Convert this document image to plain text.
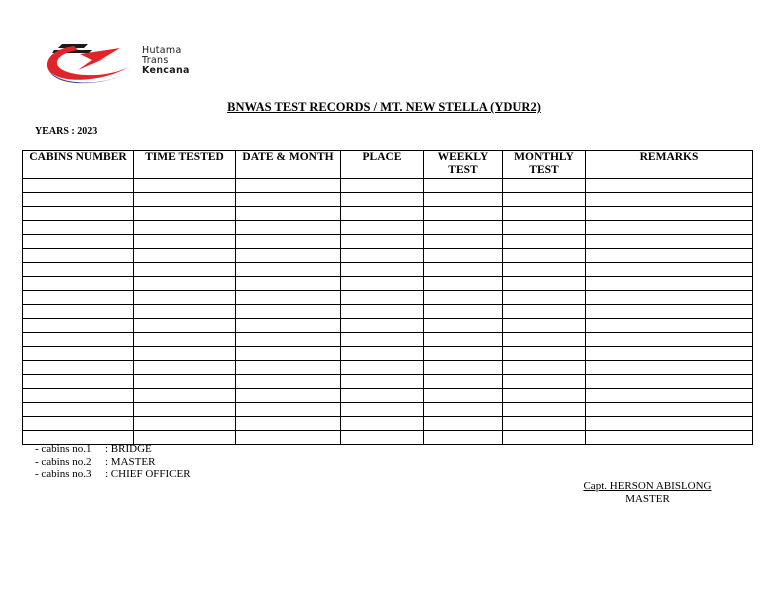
Hutama
Trans
Kencana
BNWAS TEST RECORDS / MT. NEW STELLA (YDUR2)
YEARS : 2023
CABINS NUMBER	TIME TESTED	DATE & MONTH	PLACE	WEEKLY TEST	MONTHLY TEST	REMARKS

- cabins no.1	: BRIDGE
- cabins no.2	: MASTER
- cabins no.3	: CHIEF OFFICER
Capt. HERSON ABISLONG
MASTER
